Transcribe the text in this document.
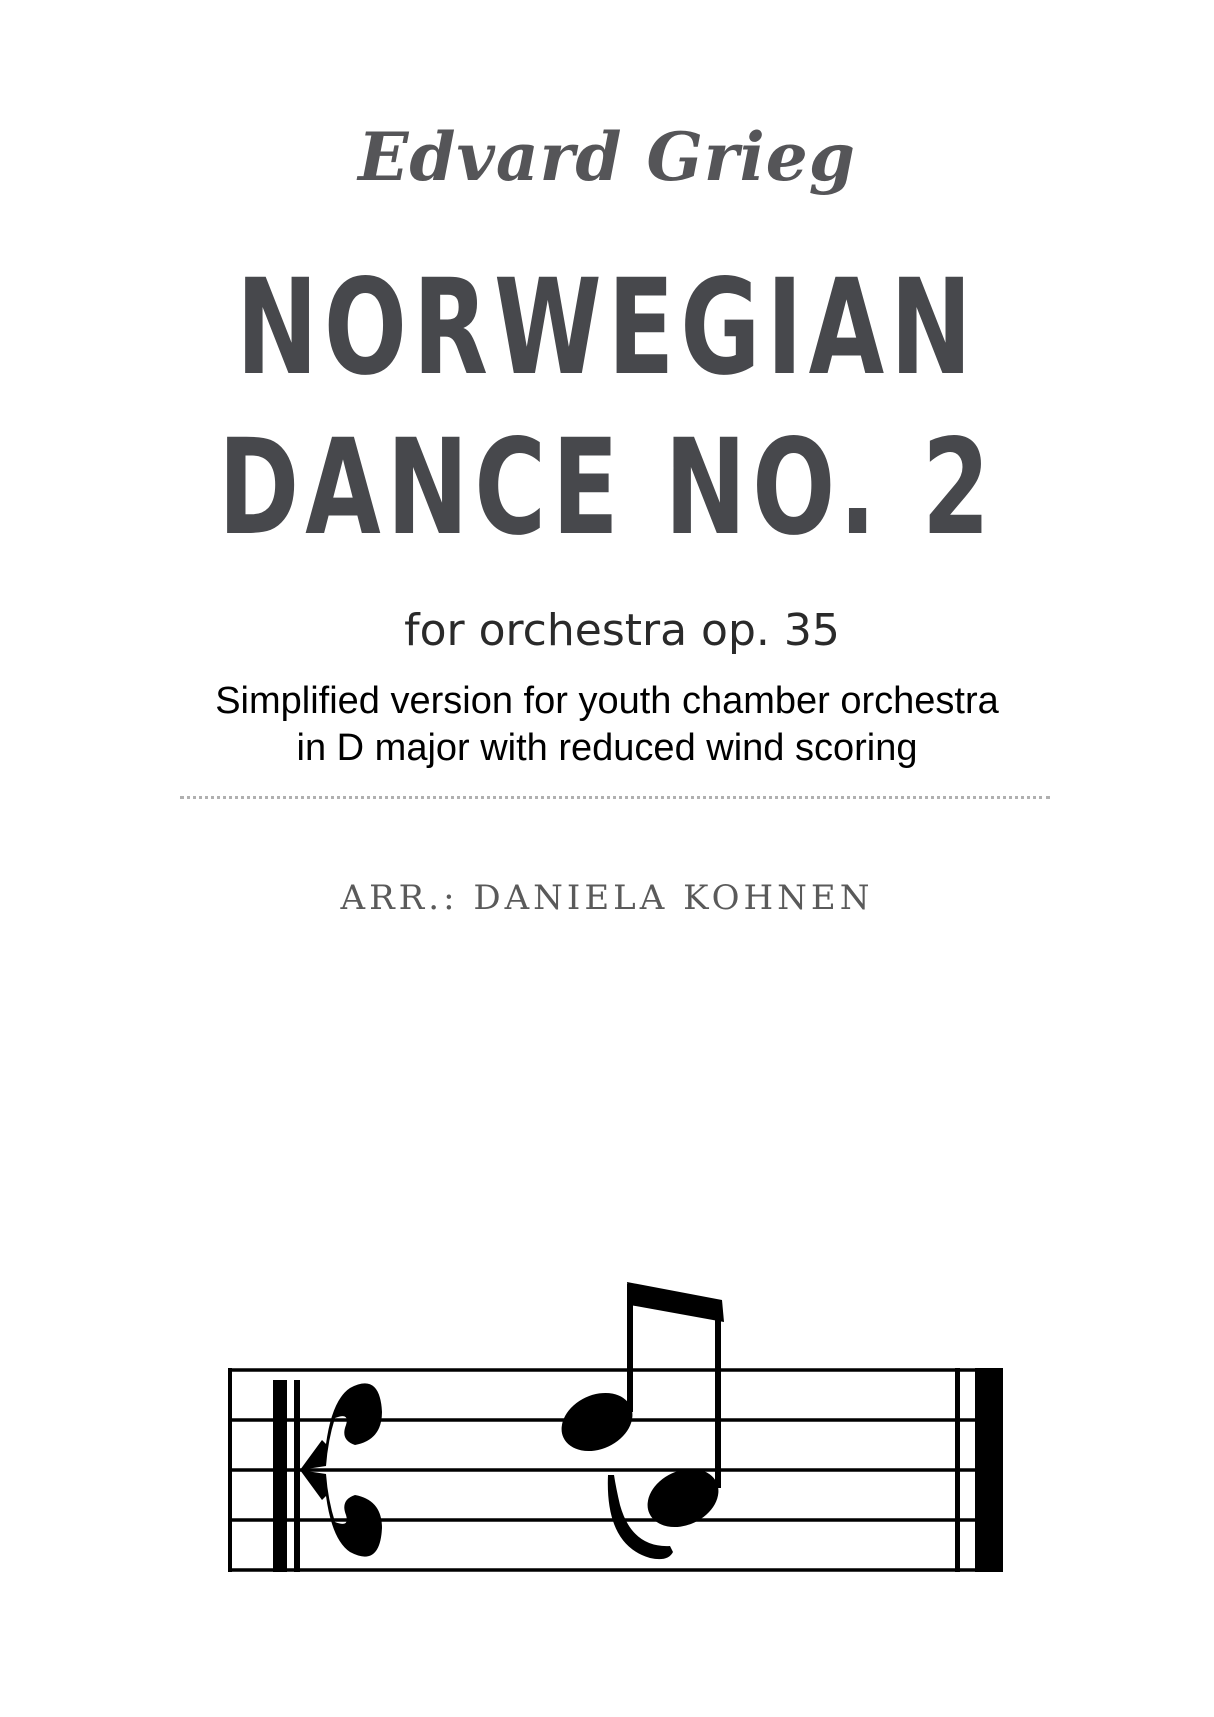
Edvard Grieg
NORWEGIAN
DANCE NO. 2
for orchestra op. 35
Simplified version for youth chamber orchestra
in D major with reduced wind scoring
ARR.: DANIELA KOHNEN
